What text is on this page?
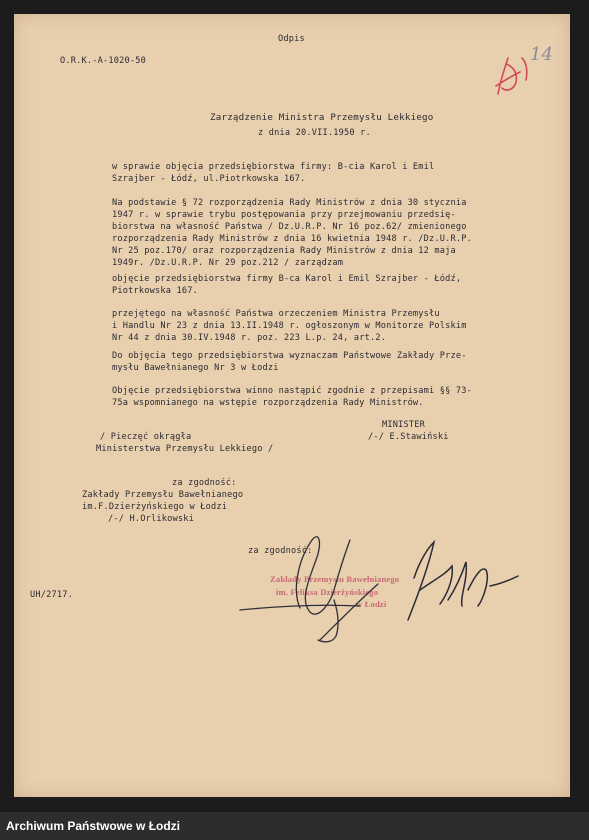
Odpis
O.R.K.-A-1020-50
Zarządzenie Ministra Przemysłu Lekkiego
z dnia 20.VII.1950 r.
w sprawie objęcia przedsiębiorstwa firmy: B-cia Karol i Emil
Szrajber - Łódź, ul.Piotrkowska 167.
Na podstawie § 72 rozporządzenia Rady Ministrów z dnia 30 stycznia
1947 r. w sprawie trybu postępowania przy przejmowaniu przedsię-
biorstwa na własność Państwa / Dz.U.R.P. Nr 16 poz.62/ zmienionego
rozporządzenia Rady Ministrów z dnia 16 kwietnia 1948 r. /Dz.U.R.P.
Nr 25 poz.170/ oraz rozporządzenia Rady Ministrów z dnia 12 maja
1949r. /Dz.U.R.P. Nr 29 poz.212 / zarządzam
objęcie przedsiębiorstwa firmy B-ca Karol i Emil Szrajber - Łódź,
Piotrkowska 167.
przejętego na własność Państwa orzeczeniem Ministra Przemysłu
i Handlu Nr 23 z dnia 13.II.1948 r. ogłoszonym w Monitorze Polskim
Nr 44 z dnia 30.IV.1948 r. poz. 223 L.p. 24, art.2.
Do objęcia tego przedsiębiorstwa wyznaczam Państwowe Zakłady Prze-
mysłu Bawełnianego Nr 3 w Łodzi
Objęcie przedsiębiorstwa winno nastąpić zgodnie z przepisami §§ 73-
75a wspomnianego na wstępie rozporządzenia Rady Ministrów.
MINISTER
/-/ E.Stawiński
/ Pieczęć okrągła
Ministerstwa Przemysłu Lekkiego /
za zgodność:
Zakłady Przemysłu Bawełnianego
im.F.Dzierżyńskiego w Łodzi
/-/ H.Orlikowski
za zgodność:
UH/2717.
Zakłady Przemysłu Bawełnianego
im. Feliksa Dzierżyńskiego
w Łodzi
14
Archiwum Państwowe w Łodzi
